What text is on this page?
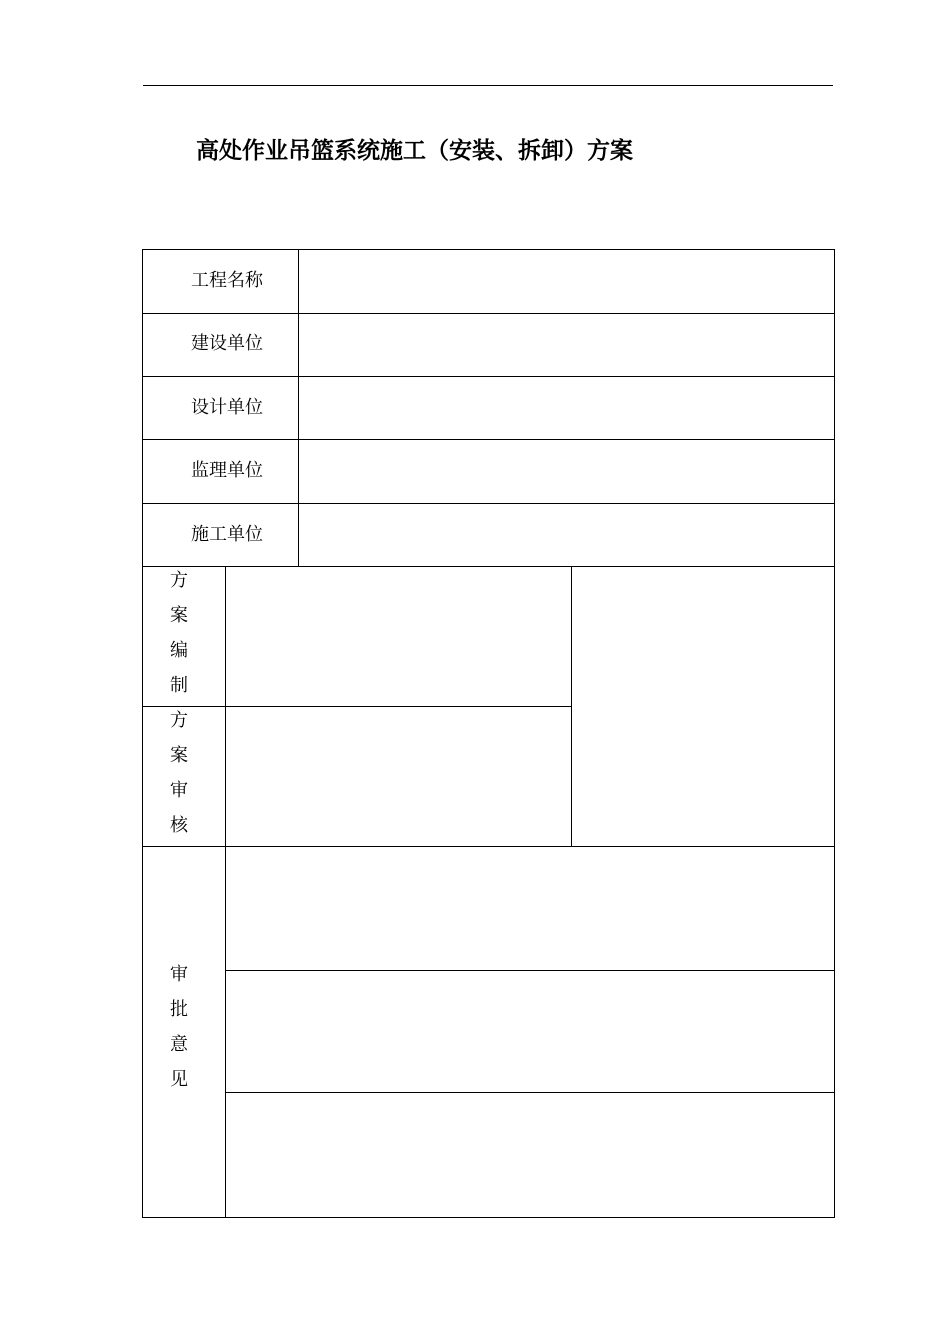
高处作业吊篮系统施工（安装、拆卸）方案
工程名称
建设单位
设计单位
监理单位
施工单位
方
案
编
制
方
案
审
核
审
批
意
见
